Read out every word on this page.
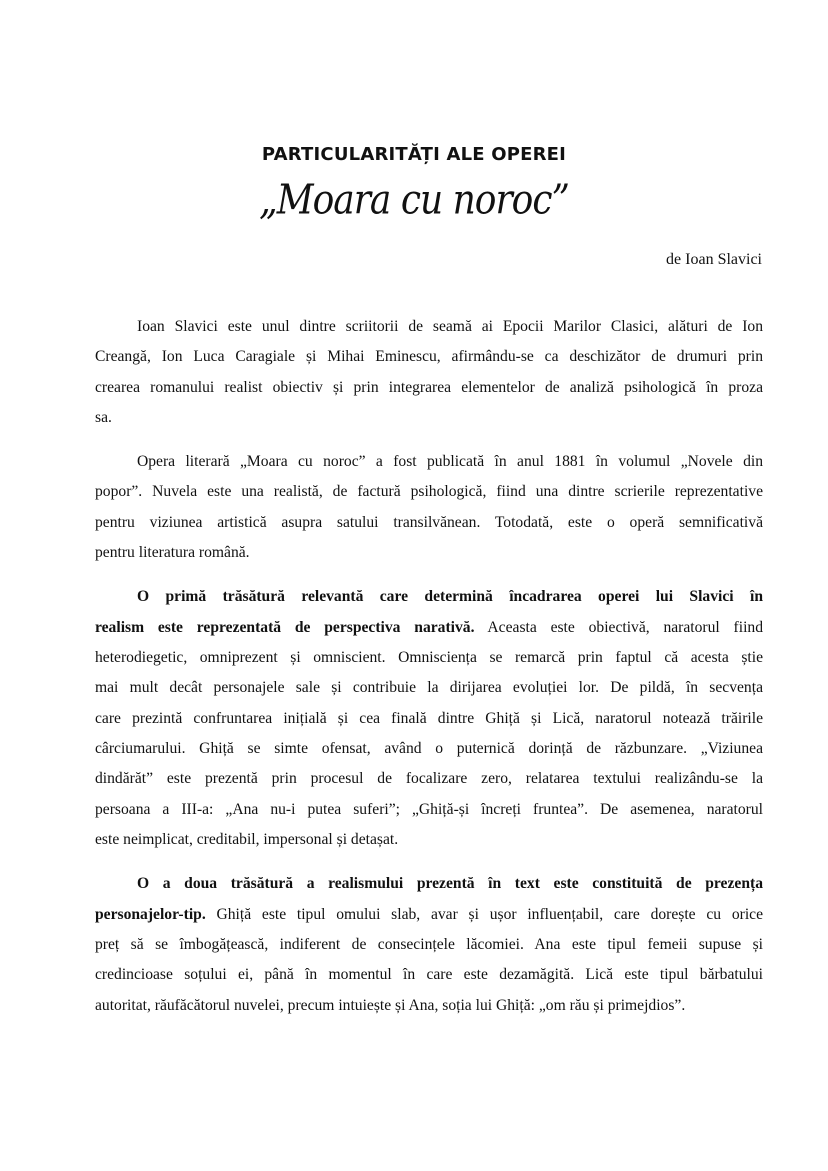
PARTICULARITĂȚI ALE OPEREI
„Moara cu noroc”
de Ioan Slavici
Ioan Slavici este unul dintre scriitorii de seamă ai Epocii Marilor Clasici, alături de Ion
Creangă, Ion Luca Caragiale și Mihai Eminescu, afirmându-se ca deschizător de drumuri prin
crearea romanului realist obiectiv și prin integrarea elementelor de analiză psihologică în proza
sa.
Opera literară „Moara cu noroc” a fost publicată în anul 1881 în volumul „Novele din
popor”. Nuvela este una realistă, de factură psihologică, fiind una dintre scrierile reprezentative
pentru viziunea artistică asupra satului transilvănean. Totodată, este o operă semnificativă
pentru literatura română.
O primă trăsătură relevantă care determină încadrarea operei lui Slavici în
realism este reprezentată de perspectiva narativă. Aceasta este obiectivă, naratorul fiind
heterodiegetic, omniprezent și omniscient. Omnisciența se remarcă prin faptul că acesta știe
mai mult decât personajele sale și contribuie la dirijarea evoluției lor. De pildă, în secvența
care prezintă confruntarea inițială și cea finală dintre Ghiță și Lică, naratorul notează trăirile
cârciumarului. Ghiță se simte ofensat, având o puternică dorință de răzbunzare. „Viziunea
dindărăt” este prezentă prin procesul de focalizare zero, relatarea textului realizându-se la
persoana a III-a: „Ana nu-i putea suferi”; „Ghiță-și încreți fruntea”. De asemenea, naratorul
este neimplicat, creditabil, impersonal și detașat.
O a doua trăsătură a realismului prezentă în text este constituită de prezența
personajelor-tip. Ghiță este tipul omului slab, avar și ușor influențabil, care dorește cu orice
preț să se îmbogățească, indiferent de consecințele lăcomiei. Ana este tipul femeii supuse și
credincioase soțului ei, până în momentul în care este dezamăgită. Lică este tipul bărbatului
autoritat, răufăcătorul nuvelei, precum intuiește și Ana, soția lui Ghiță: „om rău și primejdios”.
